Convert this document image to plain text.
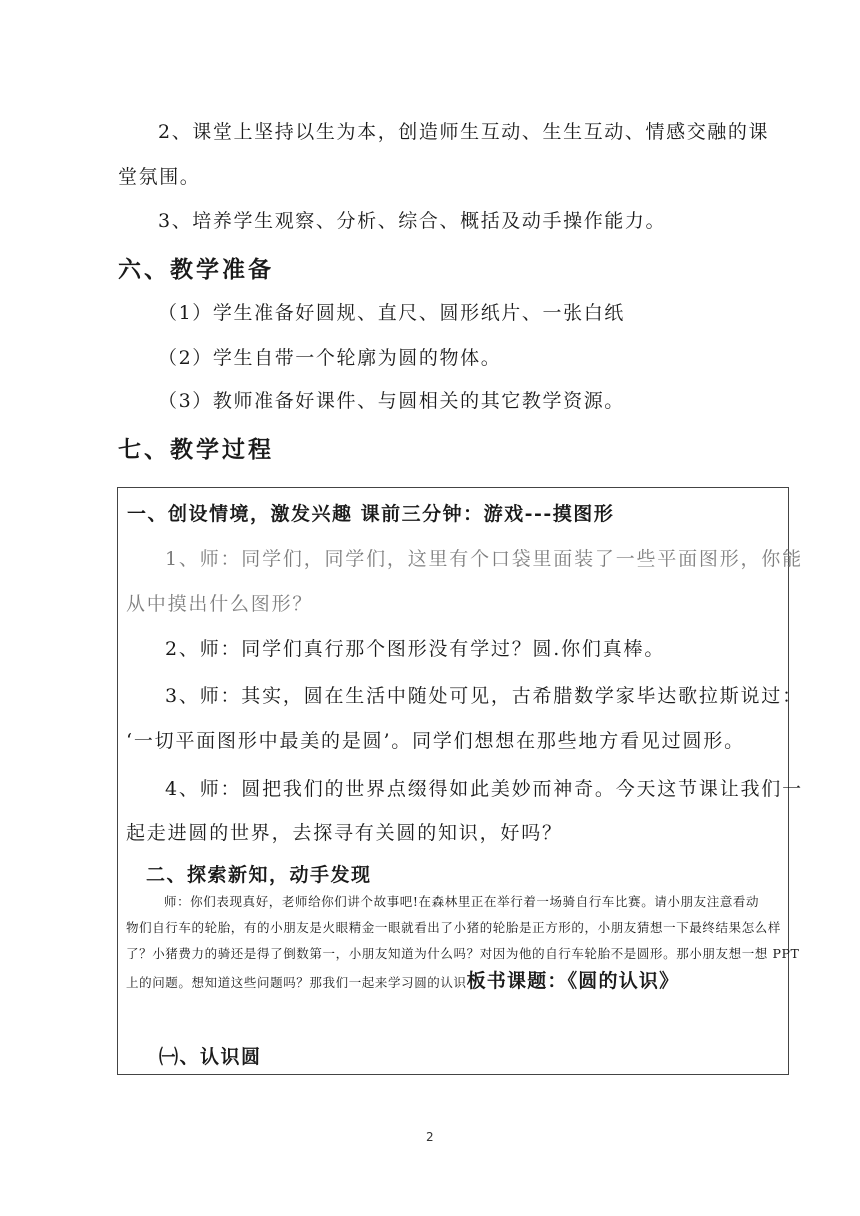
2、课堂上坚持以生为本，创造师生互动、生生互动、情感交融的课
堂氛围。
3、培养学生观察、分析、综合、概括及动手操作能力。
六、教学准备
（1）学生准备好圆规、直尺、圆形纸片、一张白纸
（2）学生自带一个轮廓为圆的物体。
（3）教师准备好课件、与圆相关的其它教学资源。
七、教学过程
一、创设情境，激发兴趣 课前三分钟：游戏---摸图形
1、师：同学们，同学们，这里有个口袋里面装了一些平面图形，你能
从中摸出什么图形？
2、师：同学们真行那个图形没有学过？圆.你们真棒。
3、师：其实，圆在生活中随处可见，古希腊数学家毕达歌拉斯说过：
‘一切平面图形中最美的是圆’。同学们想想在那些地方看见过圆形。
4、师：圆把我们的世界点缀得如此美妙而神奇。今天这节课让我们一
起走进圆的世界，去探寻有关圆的知识，好吗？
二、探索新知，动手发现
师：你们表现真好，老师给你们讲个故事吧!在森林里正在举行着一场骑自行车比赛。请小朋友注意看动
物们自行车的轮胎，有的小朋友是火眼精金一眼就看出了小猪的轮胎是正方形的，小朋友猜想一下最终结果怎么样
了？小猪费力的骑还是得了倒数第一，小朋友知道为什么吗？对因为他的自行车轮胎不是圆形。那小朋友想一想 PPT
上的问题。想知道这些问题吗？那我们一起来学习圆的认识板书课题：《圆的认识》
㈠、认识圆
2
